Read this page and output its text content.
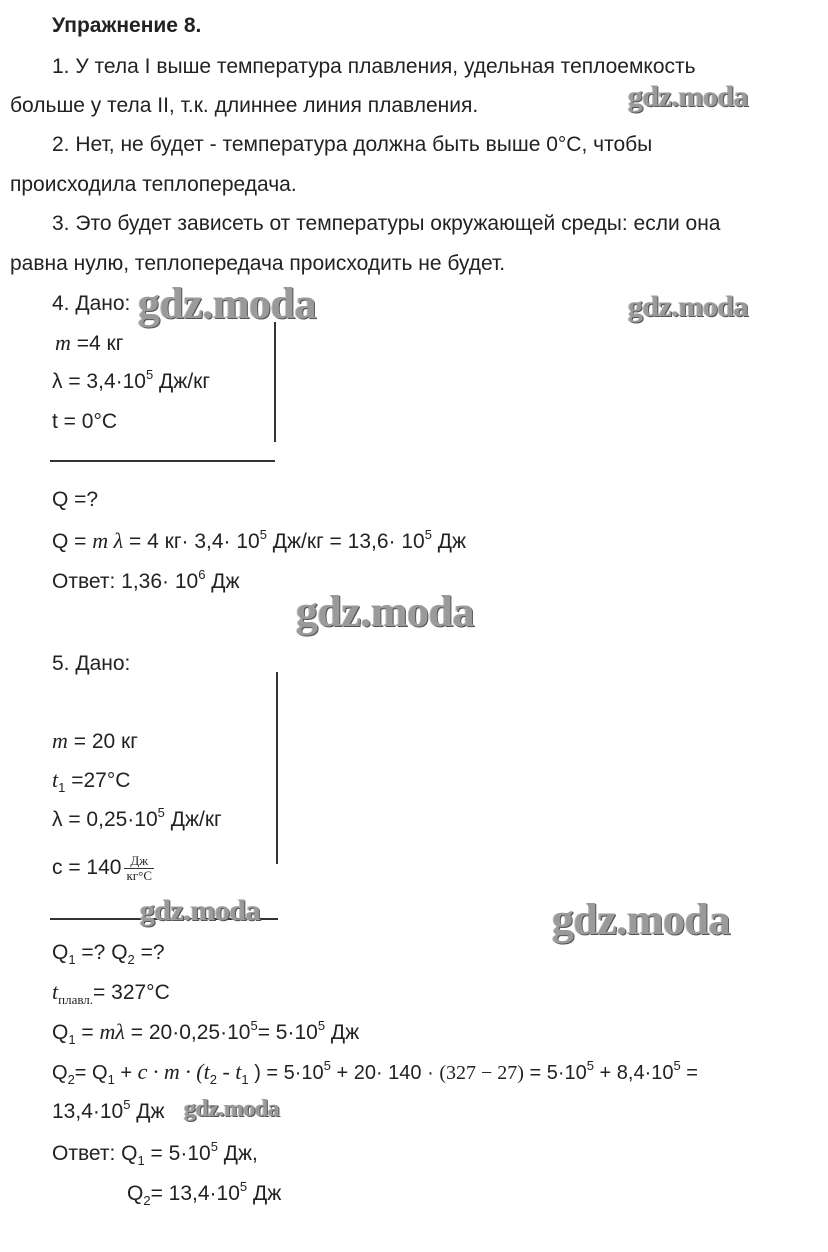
Упражнение 8.
1. У тела I выше температура плавления, удельная теплоемкость
больше у тела II, т.к. длиннее линия плавления.
2. Нет, не будет - температура должна быть выше 0°C, чтобы
происходила теплопередача.
3. Это будет зависеть от температуры окружающей среды: если она
равна нулю, теплопередача происходить не будет.
4. Дано:
m =4 кг
$\lambda = 3,4\cdot 10^5$ Дж/кг
t = 0°C
Q =?
Q = m λ = 4 $кг\cdot 3,4\cdot 10^5$ $Дж/кг = 13,6\cdot 10^5$ Дж
Ответ: $1,36\cdot 10^6$ Дж
5. Дано:
m = 20 кг
$t_1 =27^\circ C$
$\lambda = 0,25\cdot 10^5$ Дж/кг
$c = 140 \frac{Дж}{кг^\circ C}$
$Q_1$ =? $Q_2$ =?
$t_{плавл.}= 327^\circ C$
$Q_1 = m\lambda = 20\cdot 0,25\cdot 10^5= 5\cdot 10^5$ Дж
$Q_2= Q_1 + c \cdot m \cdot (t_2 - t_1$ ) = $5\cdot 10^5 + 20\cdot 140 \cdot (327 - 27) = 5\cdot 10^5 + 8,4\cdot 10^5$ =
$13,4\cdot 10^5$ Дж
Ответ: $Q_1 = 5\cdot 10^5$ Дж,
$Q_2= 13,4\cdot 10^5$ Дж
gdz.moda
gdz.moda	gdz.moda
gdz.moda
gdz.moda	gdz.moda
gdz.moda
